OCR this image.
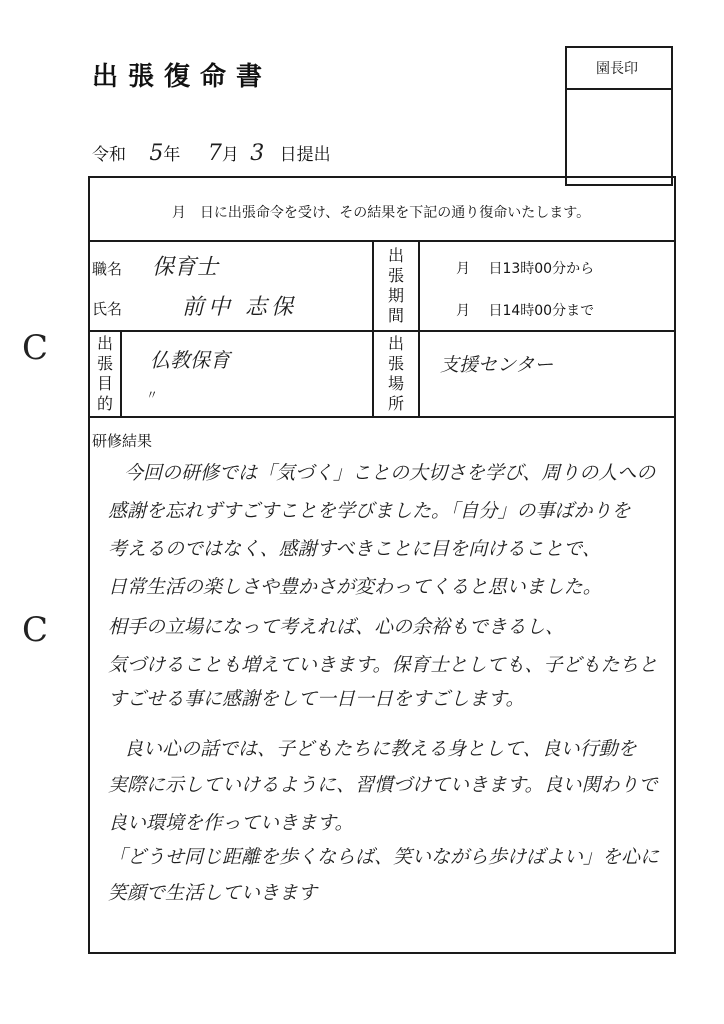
出張復命書	園長印
令和 5年 7月 3 日提出
月　日に出張命令を受け、その結果を下記の通り復命いたします。
職名 保育士
氏名	前中 志保
出
張
期
間
月 日13時00分から
月 日14時00分まで
出
張
目
的
仏教保育
〃
出
張
場
所
支援センター
研修結果
今回の研修では「気づく」ことの大切さを学び、周りの人への
感謝を忘れずすごすことを学びました。「自分」の事ばかりを
考えるのではなく、感謝すべきことに目を向けることで、
日常生活の楽しさや豊かさが変わってくると思いました。
相手の立場になって考えれば、心の余裕もできるし、
気づけることも増えていきます。保育士としても、子どもたちと
すごせる事に感謝をして一日一日をすごします。
良い心の話では、子どもたちに教える身として、良い行動を
実際に示していけるように、習慣づけていきます。良い関わりで
良い環境を作っていきます。
「どうせ同じ距離を歩くならば、笑いながら歩けばよい」を心に
笑顔で生活していきます
C
C
